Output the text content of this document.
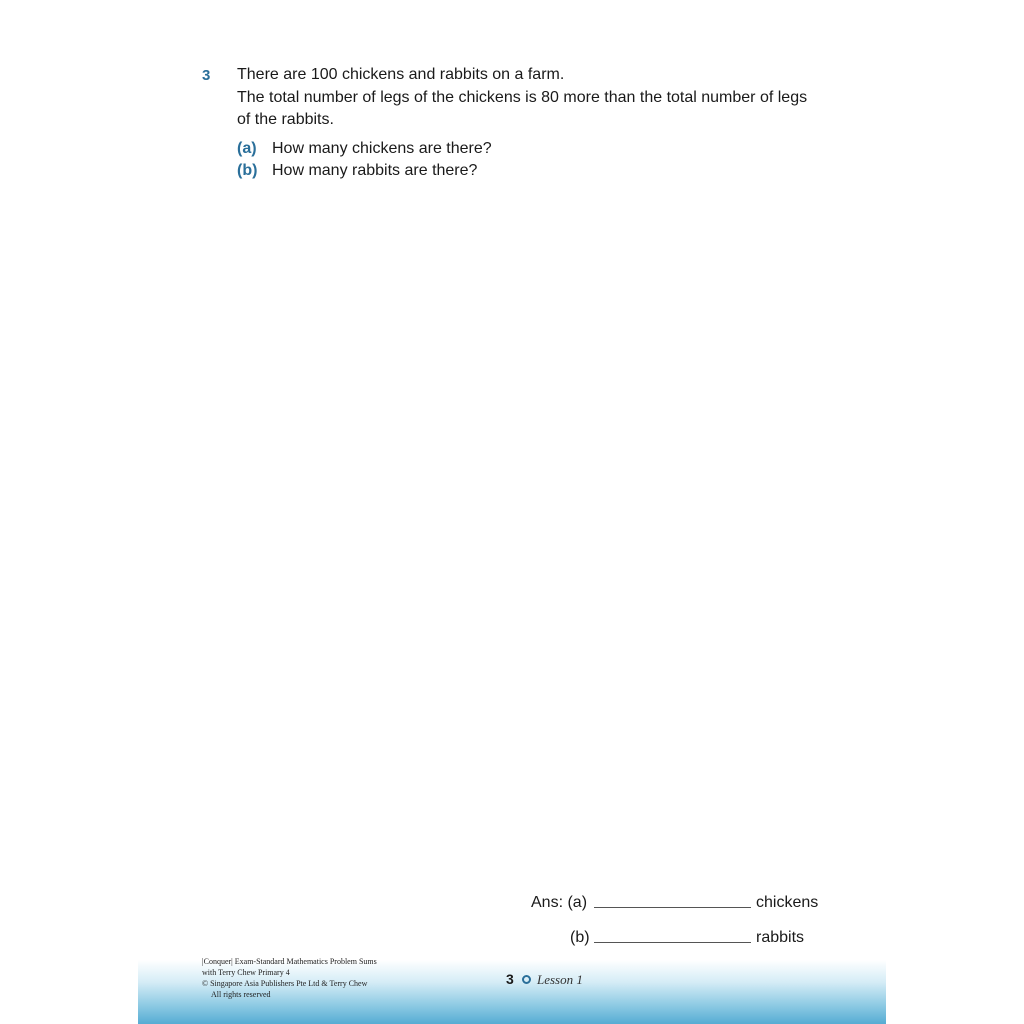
3 There are 100 chickens and rabbits on a farm.
The total number of legs of the chickens is 80 more than the total number of legs
of the rabbits.
(a) How many chickens are there?
(b) How many rabbits are there?
Ans: (a)	chickens
(b)	rabbits
|Conquer| Exam-Standard Mathematics Problem Sums
with Terry Chew Primary 4
© Singapore Asia Publishers Pte Ltd & Terry Chew
All rights reserved
3 Lesson 1
